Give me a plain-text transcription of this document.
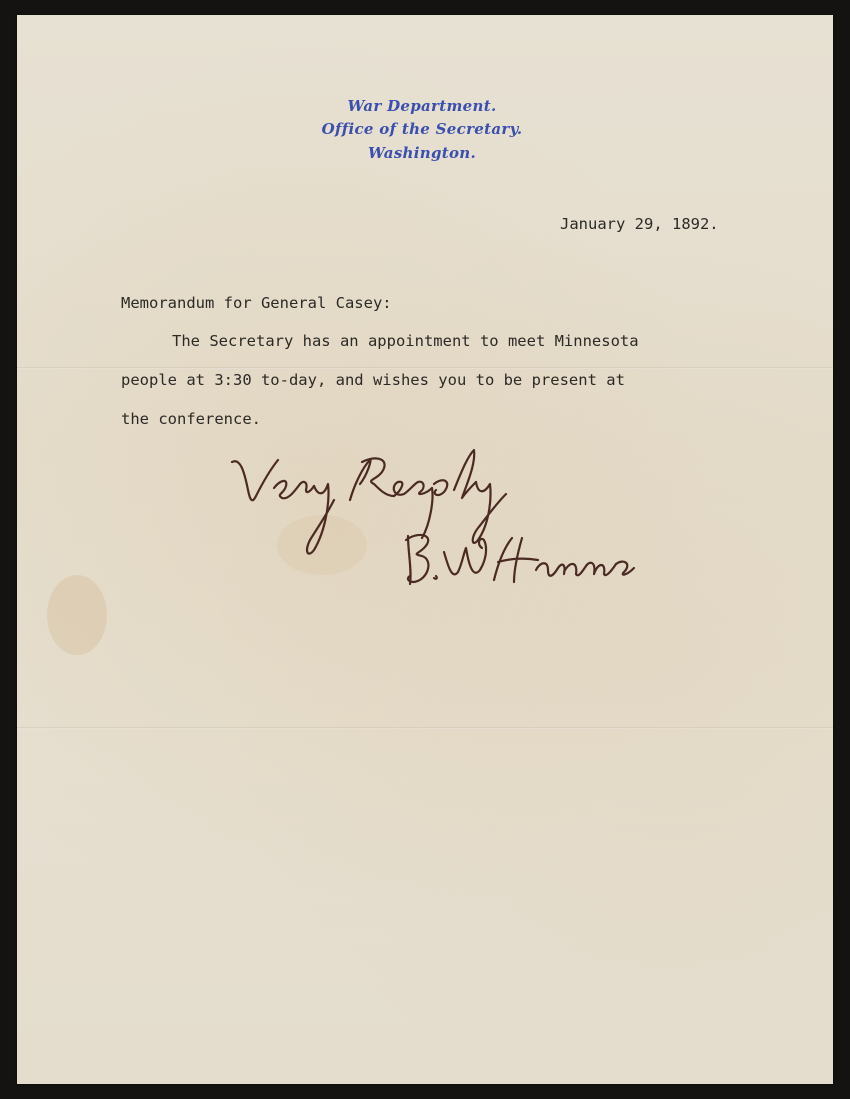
War Department.
Office of the Secretary.
Washington.
January 29, 1892.
Memorandum for General Casey:
The Secretary has an appointment to meet Minnesota
people at 3:30 to-day, and wishes you to be present at
the conference.
